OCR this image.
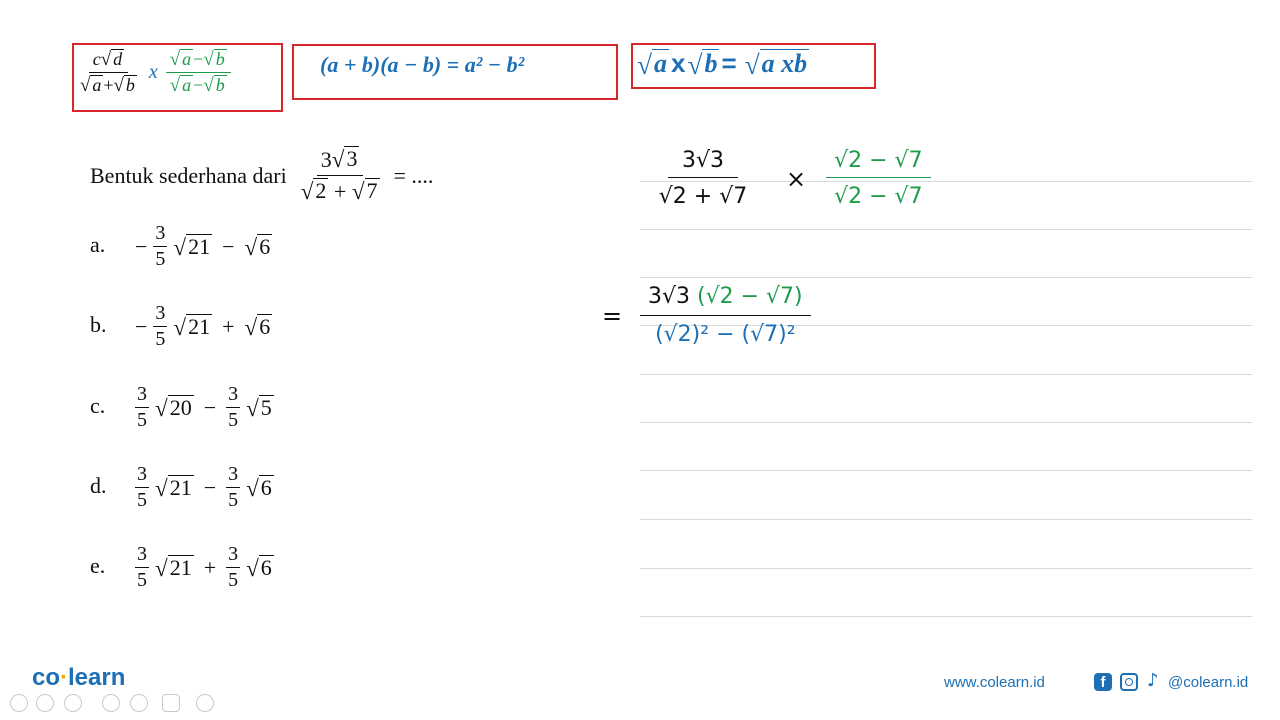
$\frac{c √ d}{√ a + √ b}$ x $\frac{√ a - √ b}{√ a - √ b}$	(a + b)(a − b) = a² − b²	√ a x √ b = √ a xb
Bentuk sederhana dari $\frac{3 √ 3}{√ 2 + √ 7}$ = ....
a. − $\frac{3}{5}$ √ 21 − √ 6
b. − $\frac{3}{5}$ √ 21 + √ 6
c. $\frac{3}{5}$ √ $20 - \frac{3}{5}$ √ 5
d. $\frac{3}{5}$ √ $21 - \frac{3}{5}$ √ 6
e. $\frac{3}{5}$ √ $21 + \frac{3}{5}$ √ 6
$\frac{3√3}{√2 + √7} \times \frac{√2 - √7}{√2 - √7}$
= $\frac{3√3 (√2 - √7)}{\text{(√2)² − (√7)²}}$
co·learn	www.colearn.id	f	♪ @colearn.id
